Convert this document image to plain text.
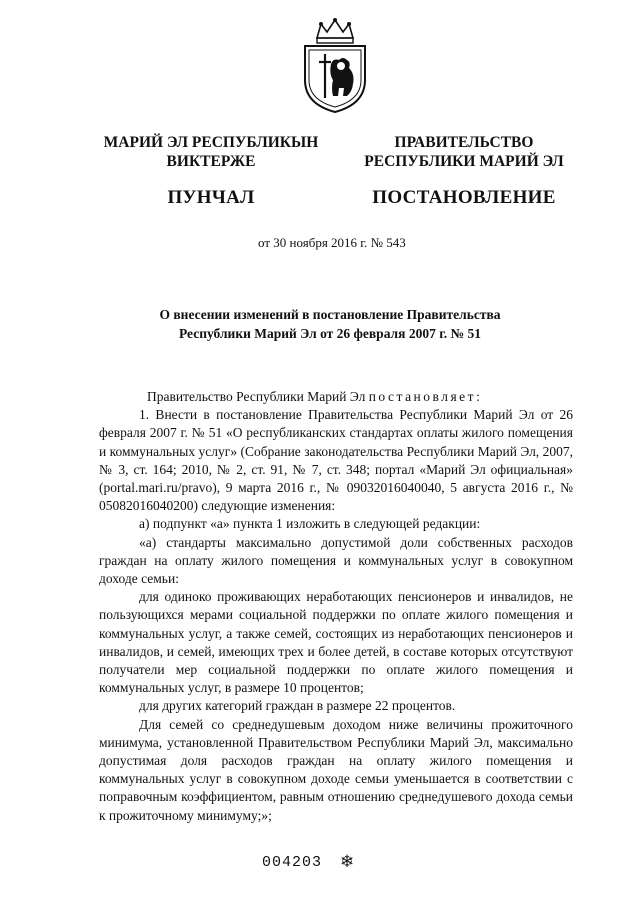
МАРИЙ ЭЛ РЕСПУБЛИКЫН
ВИКТЕРЖЕ
ПУНЧАЛ
ПРАВИТЕЛЬСТВО
РЕСПУБЛИКИ МАРИЙ ЭЛ
ПОСТАНОВЛЕНИЕ
от 30 ноября 2016 г. № 543
О внесении изменений в постановление Правительства
Республики Марий Эл от 26 февраля 2007 г. № 51

Правительство Республики Марий Эл постановляет:

1. Внести в постановление Правительства Республики Марий Эл от 26 февраля 2007 г. № 51 «О республиканских стандартах оплаты жилого помещения и коммунальных услуг» (Собрание законодательства Республики Марий Эл, 2007, № 3, ст. 164; 2010, № 2, ст. 91, № 7, ст. 348; портал «Марий Эл официальная» (portal.mari.ru/pravo), 9 марта 2016 г., № 09032016040040, 5 августа 2016 г., № 05082016040200) следующие изменения:

а) подпункт «а» пункта 1 изложить в следующей редакции:

«а) стандарты максимально допустимой доли собственных расходов граждан на оплату жилого помещения и коммунальных услуг в совокупном доходе семьи:

для одиноко проживающих неработающих пенсионеров и инвалидов, не пользующихся мерами социальной поддержки по оплате жилого помещения и коммунальных услуг, а также семей, состоящих из неработающих пенсионеров и инвалидов, и семей, имеющих трех и более детей, в составе которых отсутствуют получатели мер социальной поддержки по оплате жилого помещения и коммунальных услуг, в размере 10 процентов;

для других категорий граждан в размере 22 процентов.

Для семей со среднедушевым доходом ниже величины прожиточного минимума, установленной Правительством Республики Марий Эл, максимально допустимая доля расходов граждан на оплату жилого помещения и коммунальных услуг в совокупном доходе семьи уменьшается в соответствии с поправочным коэффициентом, равным отношению среднедушевого дохода семьи к прожиточному минимуму;»;

004203 ❄
